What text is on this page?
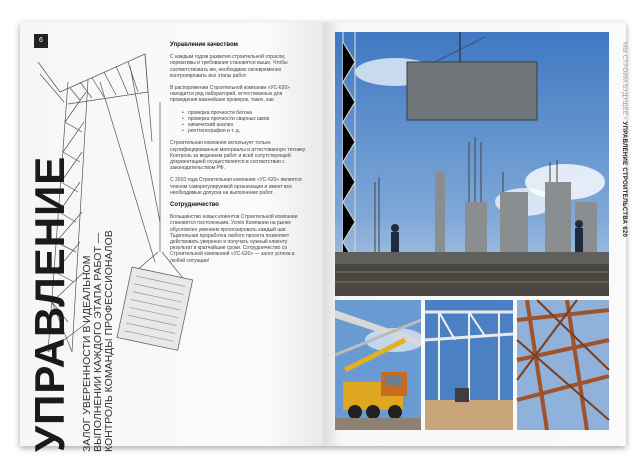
6
УПРАВЛЕНИЕ ЗАЛОГ УВЕРЕННОСТИ В ИДЕАЛЬНОМ ВЫПОЛНЕНИИ КАЖДОГО ЭТАПА РАБОТ — КОНТРОЛЬ КОМАНДЫ ПРОФЕССИОНАЛОВ
Управление качеством

С каждым годом развития строительной отрасли, нормативы и требования становятся выше. Чтобы соответствовать им, необходимо своевременно контролировать все этапы работ.

В распоряжении Строительной компании «УС-620» находится ряд лабораторий, аттестованных для проведения важнейших проверок, таких, как:

• проверка прочности бетона
• проверка прочности сварных швов
• химический анализ
• рентгенография и т. д.

Строительная компания использует только сертифицированные материалы и аттестованную технику. Контроль за ведением работ и всей сопутствующей документацией осуществляется в соответствии с законодательством РФ.

С 2010 года Строительная компания «УС-620» является членом саморегулируемой организации и имеет все необходимые допуски на выполнение работ.

Сотрудничество

Большинство новых клиентов Строительной компании становятся постоянными. Успех Компании на рынке обусловлен умением прогнозировать каждый шаг. Тщательная проработка любого проекта позволяет действовать уверенно и получать нужный клиенту результат в кратчайшие сроки. Сотрудничество со Строительной компанией «УС-620» — залог успеха в любой ситуации!

7 МЫ СТРОИМ БУДУЩЕЕ · УПРАВЛЕНИЕ СТРОИТЕЛЬСТВА 620
